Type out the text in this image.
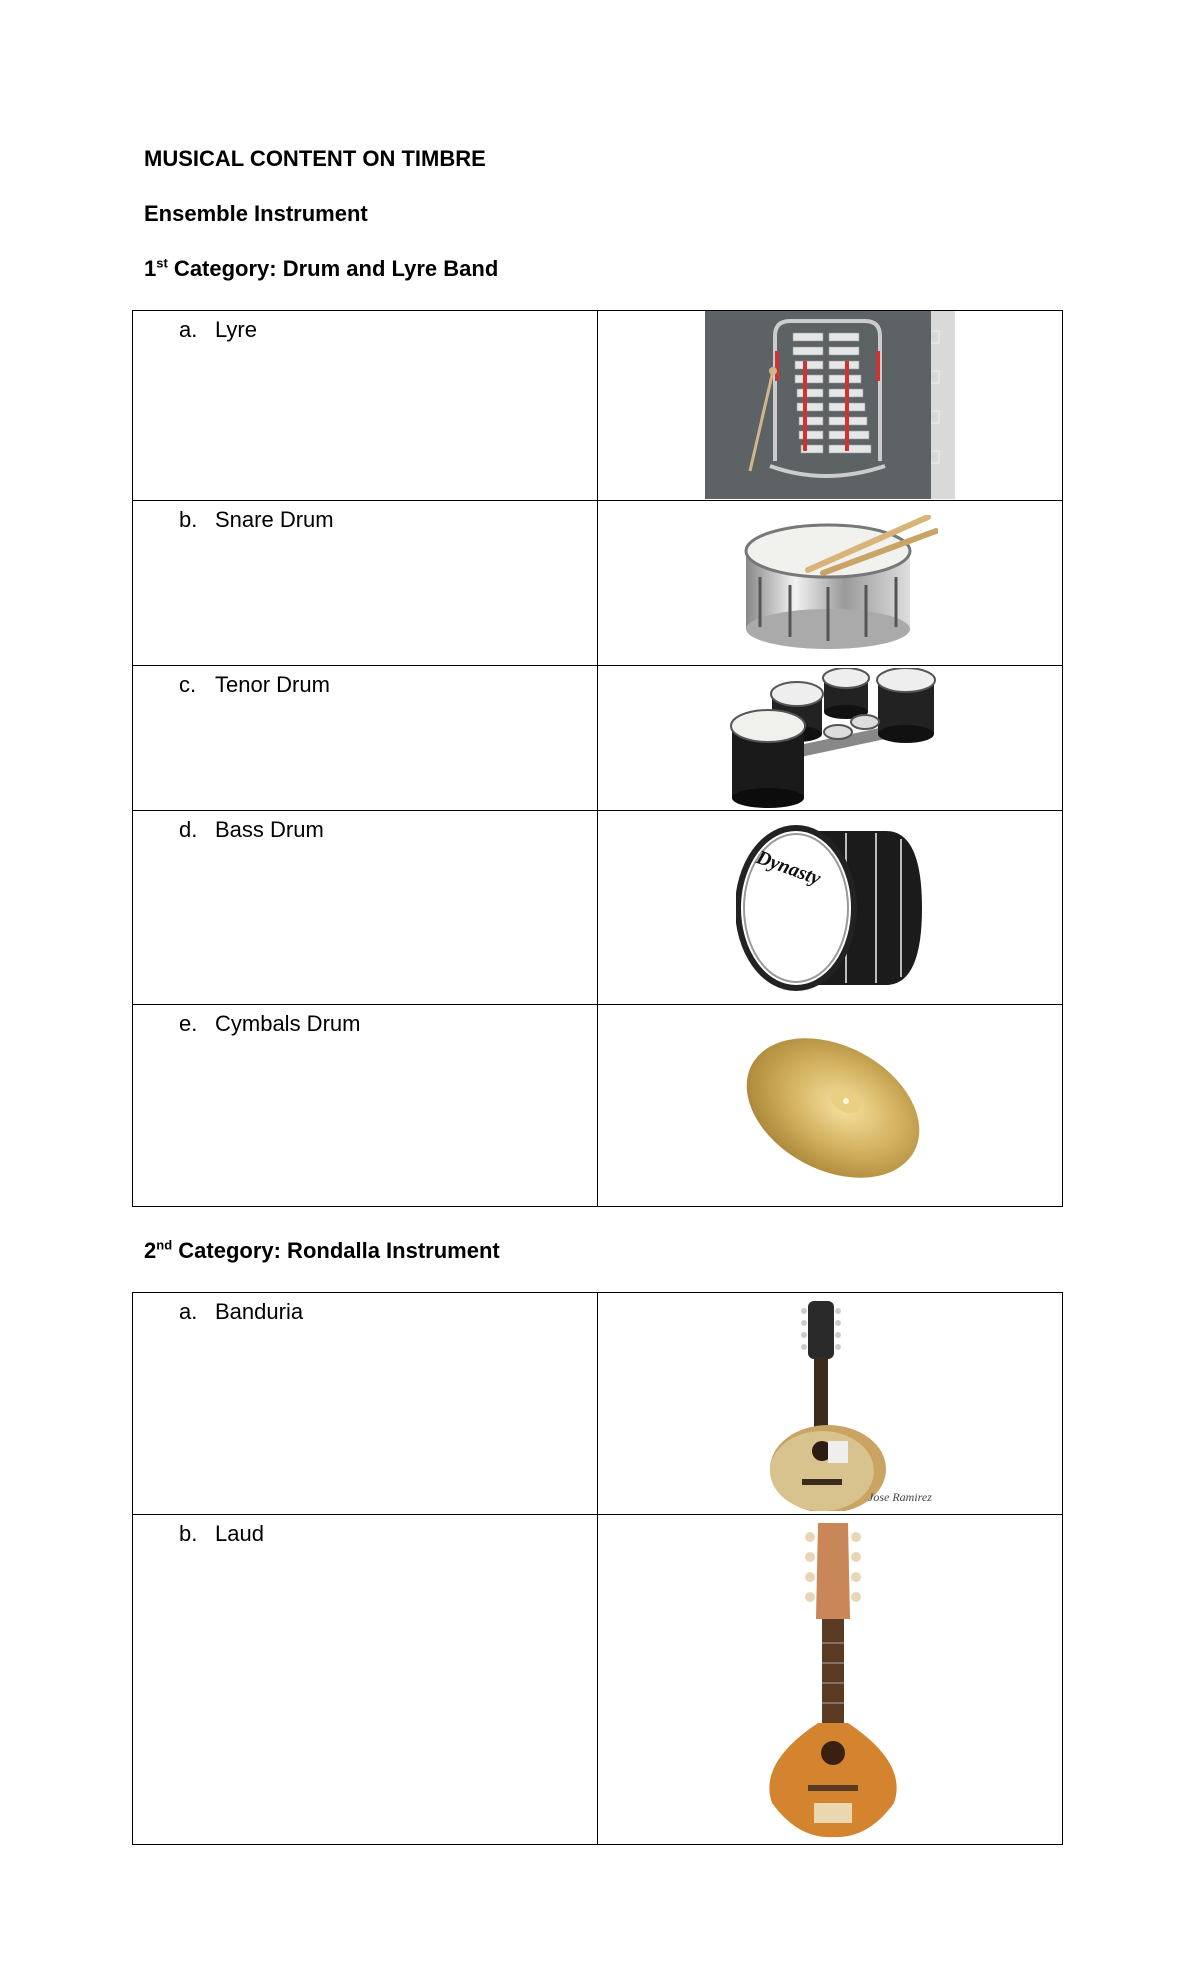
MUSICAL CONTENT ON TIMBRE
Ensemble Instrument
1st Category: Drum and Lyre Band
a. Lyre

b. Snare Drum

c. Tenor Drum

d. Bass Drum	Dynasty

e. Cymbals Drum

2nd Category: Rondalla Instrument
a. Banduria	Jose Ramirez

b. Laud
